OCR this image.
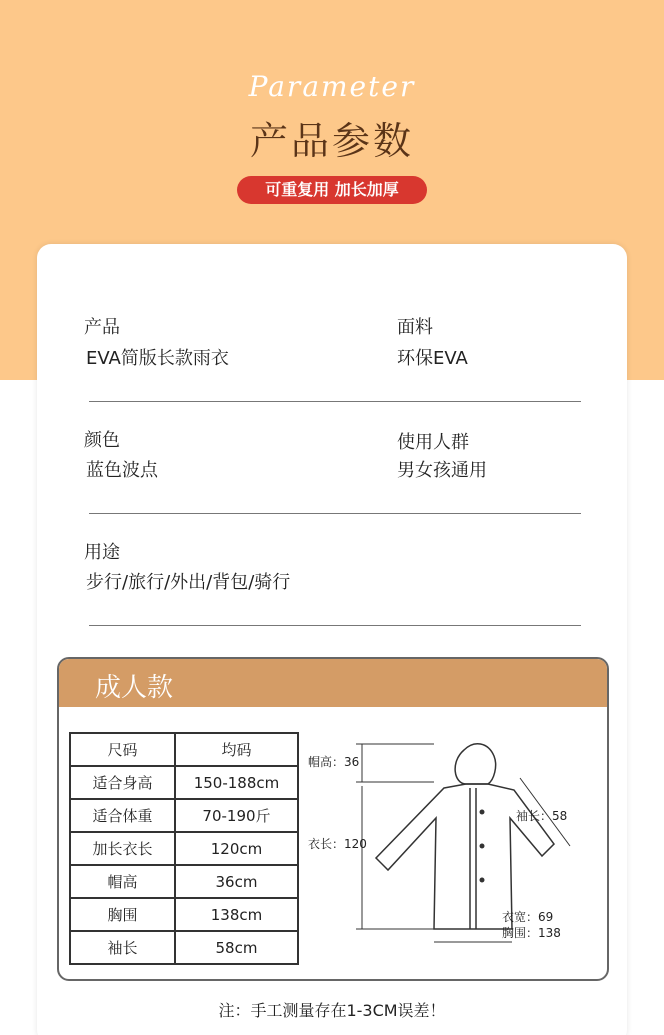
Parameter
产品参数
可重复用 加长加厚
产品
EVA简版长款雨衣
面料
环保EVA
颜色
蓝色波点
使用人群
男女孩通用
用途
步行/旅行/外出/背包/骑行
成人款
尺码	均码
适合身高	150-188cm
适合体重	70-190斤
加长衣长	120cm
帽高	36cm
胸围	138cm
袖长	58cm
帽高：36
衣长：120
袖长：58
衣宽：69
胸围：138
注：手工测量存在1-3CM误差！
